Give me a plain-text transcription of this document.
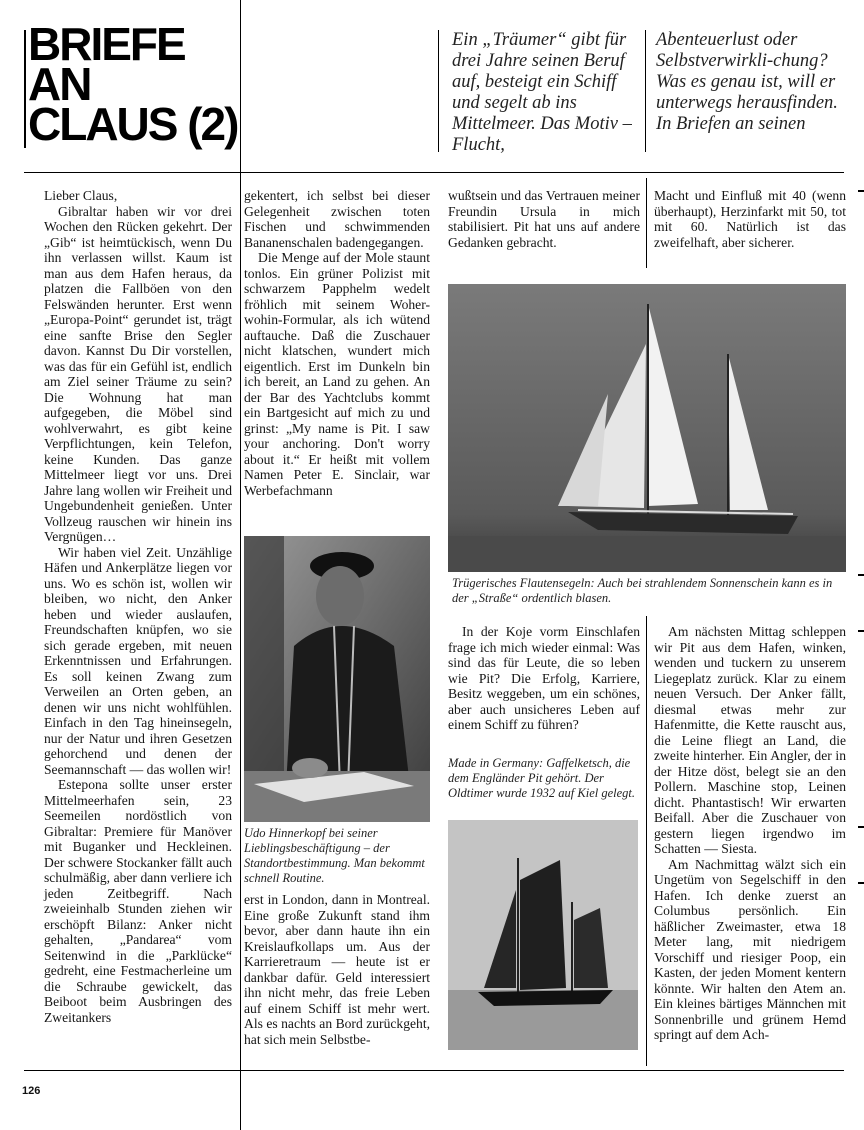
BRIEFE
AN
CLAUS (2)
Ein „Träumer“ gibt für drei Jahre seinen Beruf auf, besteigt ein Schiff und segelt ab ins Mittelmeer. Das Motiv – Flucht,
Abenteuerlust oder Selbstverwirkli-chung? Was es genau ist, will er unterwegs herausfinden. In Briefen an seinen

Lieber Claus,

Gibraltar haben wir vor drei Wochen den Rücken gekehrt. Der „Gib“ ist heimtückisch, wenn Du ihn verlassen willst. Kaum ist man aus dem Hafen heraus, da platzen die Fallböen von den Felswänden herunter. Erst wenn „Europa-Point“ gerundet ist, trägt eine sanfte Brise den Segler davon. Kannst Du Dir vorstellen, was das für ein Gefühl ist, endlich am Ziel seiner Träume zu sein? Die Wohnung hat man aufgegeben, die Möbel sind wohlverwahrt, es gibt keine Verpflichtungen, kein Telefon, keine Kunden. Das ganze Mittelmeer liegt vor uns. Drei Jahre lang wollen wir Freiheit und Ungebundenheit genießen. Unter Vollzeug rauschen wir hinein ins Vergnügen…

Wir haben viel Zeit. Unzählige Häfen und Ankerplätze liegen vor uns. Wo es schön ist, wollen wir bleiben, wo nicht, den Anker heben und wieder auslaufen, Freundschaften knüpfen, wo sie sich gerade ergeben, mit neuen Erkenntnissen und Erfahrungen. Es soll keinen Zwang zum Verweilen an Orten geben, an denen wir uns nicht wohlfühlen. Einfach in den Tag hineinsegeln, nur der Natur und ihren Gesetzen gehorchend und denen der Seemannschaft — das wollen wir!

Estepona sollte unser erster Mittelmeerhafen sein, 23 Seemeilen nordöstlich von Gibraltar: Premiere für Manöver mit Buganker und Heckleinen. Der schwere Stockanker fällt auch schulmäßig, aber dann verliere ich jeden Zeitbegriff. Nach zweieinhalb Stunden ziehen wir erschöpft Bilanz: Anker nicht gehalten, „Pandarea“ vom Seitenwind in die „Parklücke“ gedreht, eine Festmacherleine um die Schraube gewickelt, das Beiboot beim Ausbringen des Zweitankers

gekentert, ich selbst bei dieser Gelegenheit zwischen toten Fischen und schwimmenden Bananenschalen badengegangen.

Die Menge auf der Mole staunt tonlos. Ein grüner Polizist mit schwarzem Papphelm wedelt fröhlich mit seinem Woher-wohin-Formular, als ich wütend auftauche. Daß die Zuschauer nicht klatschen, wundert mich eigentlich. Erst im Dunkeln bin ich bereit, an Land zu gehen. An der Bar des Yachtclubs kommt ein Bartgesicht auf mich zu und grinst: „My name is Pit. I saw your anchoring. Don't worry about it.“ Er heißt mit vollem Namen Peter E. Sinclair, war Werbefachmann

Udo Hinnerkopf bei seiner Lieblingsbeschäftigung – der Standortbestimmung. Man bekommt schnell Routine.

erst in London, dann in Montreal. Eine große Zukunft stand ihm bevor, aber dann haute ihn ein Kreislaufkollaps um. Aus der Karrieretraum — heute ist er dankbar dafür. Geld interessiert ihn nicht mehr, das freie Leben auf einem Schiff ist mehr wert. Als es nachts an Bord zurückgeht, hat sich mein Selbstbe-

wußtsein und das Vertrauen meiner Freundin Ursula in mich stabilisiert. Pit hat uns auf andere Gedanken gebracht.

Macht und Einfluß mit 40 (wenn überhaupt), Herzinfarkt mit 50, tot mit 60. Natürlich ist das zweifelhaft, aber sicherer.

Trügerisches Flautensegeln: Auch bei strahlendem Sonnenschein kann es in der „Straße“ ordentlich blasen.

In der Koje vorm Einschlafen frage ich mich wieder einmal: Was sind das für Leute, die so leben wie Pit? Die Erfolg, Karriere, Besitz weggeben, um ein schönes, aber auch unsicheres Leben auf einem Schiff zu führen?

Made in Germany: Gaffelketsch, die dem Engländer Pit gehört. Der Oldtimer wurde 1932 auf Kiel gelegt.

Am nächsten Mittag schleppen wir Pit aus dem Hafen, winken, wenden und tuckern zu unserem Liegeplatz zurück. Klar zu einem neuen Versuch. Der Anker fällt, diesmal etwas mehr zur Hafenmitte, die Kette rauscht aus, die Leine fliegt an Land, die zweite hinterher. Ein Angler, der in der Hitze döst, belegt sie an den Pollern. Maschine stop, Leinen dicht. Phantastisch! Wir erwarten Beifall. Aber die Zuschauer von gestern liegen irgendwo im Schatten — Siesta.

Am Nachmittag wälzt sich ein Ungetüm von Segelschiff in den Hafen. Ich denke zuerst an Columbus persönlich. Ein häßlicher Zweimaster, etwa 18 Meter lang, mit niedrigem Vorschiff und riesiger Poop, ein Kasten, der jeden Moment kentern könnte. Wir halten den Atem an. Ein kleines bärtiges Männchen mit Sonnenbrille und grünem Hemd springt auf dem Ach-

126
